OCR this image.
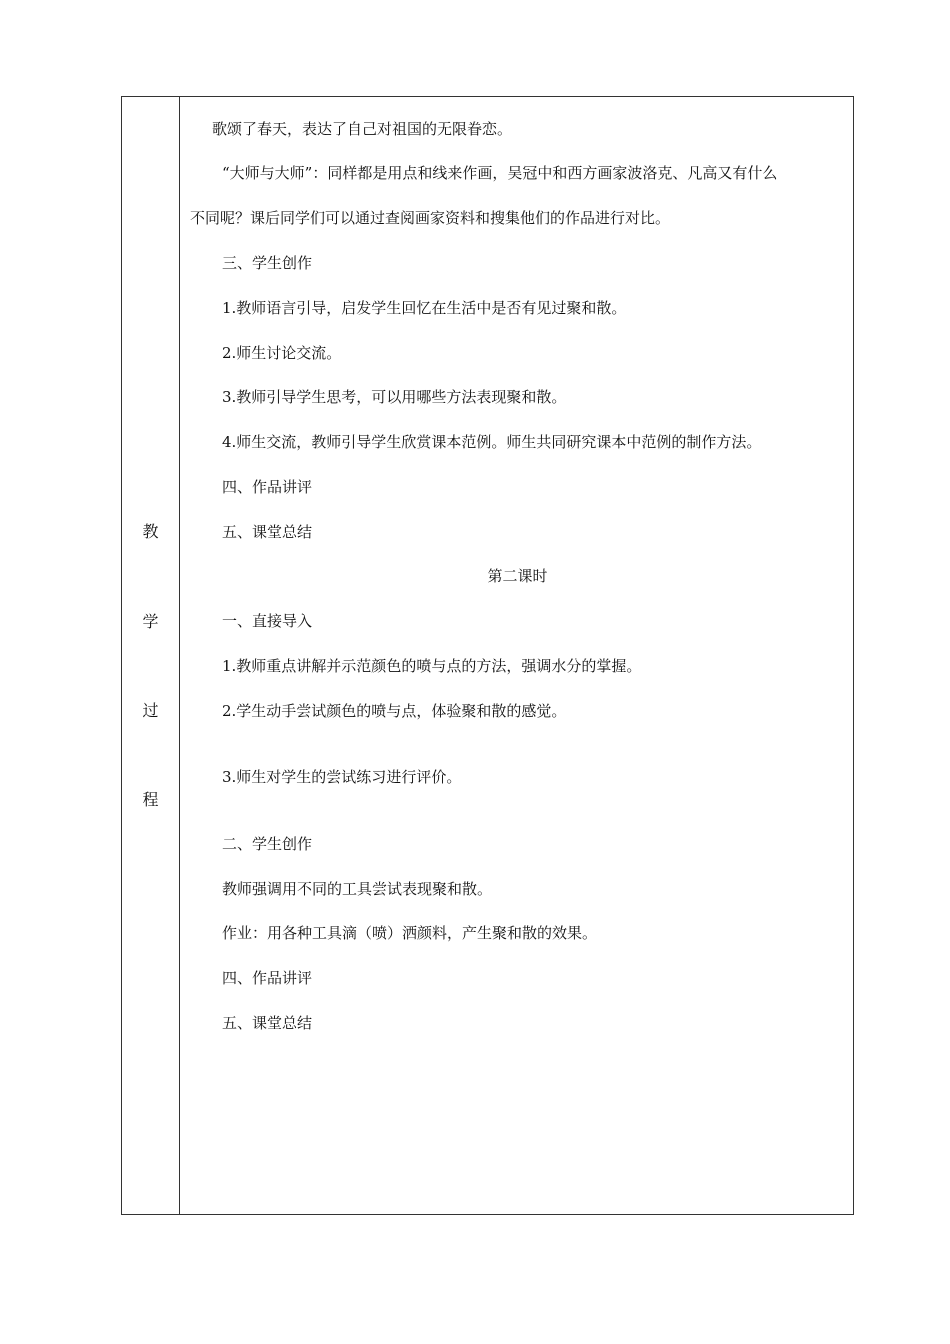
教
学
过
程
歌颂了春天，表达了自己对祖国的无限眷恋。
“大师与大师”：同样都是用点和线来作画，吴冠中和西方画家波洛克、凡高又有什么
不同呢？课后同学们可以通过查阅画家资料和搜集他们的作品进行对比。
三、学生创作
1.教师语言引导，启发学生回忆在生活中是否有见过聚和散。
2.师生讨论交流。
3.教师引导学生思考，可以用哪些方法表现聚和散。
4.师生交流，教师引导学生欣赏课本范例。师生共同研究课本中范例的制作方法。
四、作品讲评
五、课堂总结
第二课时
一、直接导入
1.教师重点讲解并示范颜色的喷与点的方法，强调水分的掌握。
2.学生动手尝试颜色的喷与点，体验聚和散的感觉。
3.师生对学生的尝试练习进行评价。
二、学生创作
教师强调用不同的工具尝试表现聚和散。
作业：用各种工具滴（喷）洒颜料，产生聚和散的效果。
四、作品讲评
五、课堂总结
